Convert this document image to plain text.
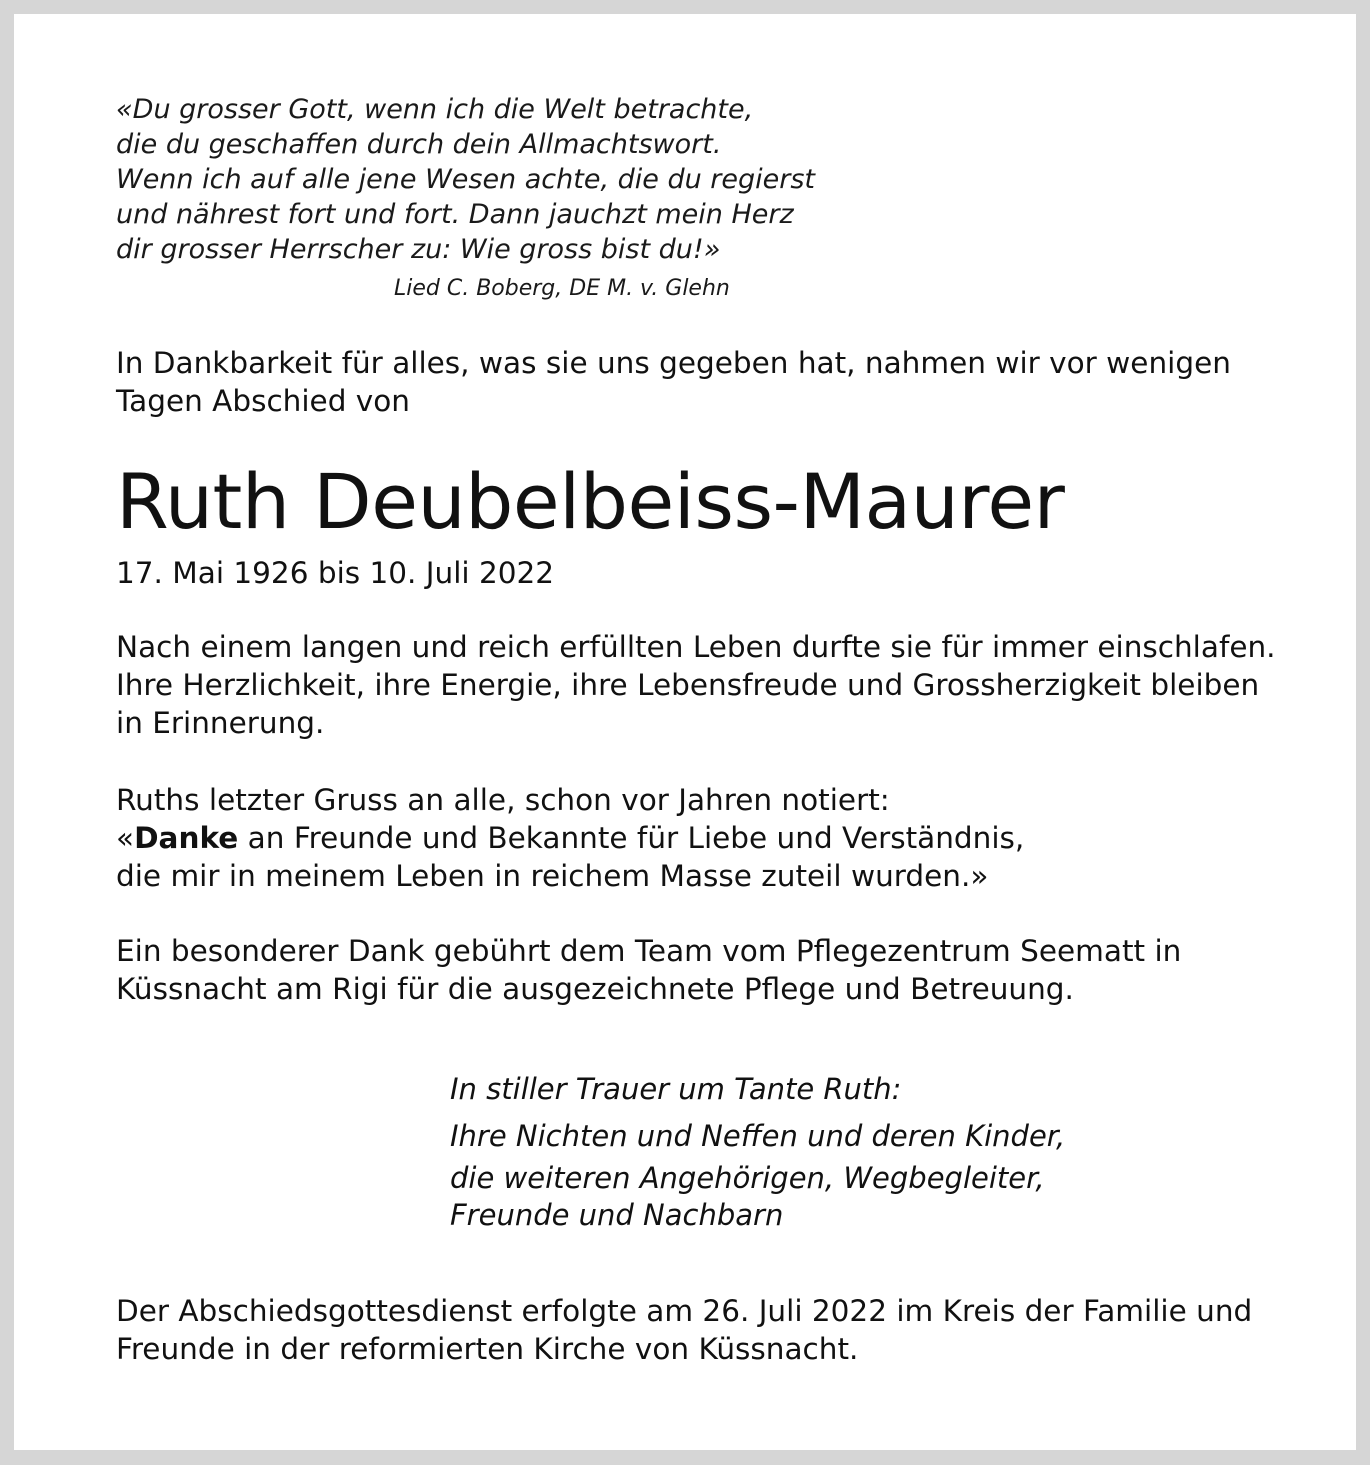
«Du grosser Gott, wenn ich die Welt betrachte,
die du geschaffen durch dein Allmachtswort.
Wenn ich auf alle jene Wesen achte, die du regierst
und nährest fort und fort. Dann jauchzt mein Herz
dir grosser Herrscher zu: Wie gross bist du!»
Lied C. Boberg, DE M. v. Glehn
In Dankbarkeit für alles, was sie uns gegeben hat, nahmen wir vor wenigen
Tagen Abschied von
Ruth Deubelbeiss-Maurer
17. Mai 1926 bis 10. Juli 2022
Nach einem langen und reich erfüllten Leben durfte sie für immer einschlafen.
Ihre Herzlichkeit, ihre Energie, ihre Lebensfreude und Grossherzigkeit bleiben
in Erinnerung.
Ruths letzter Gruss an alle, schon vor Jahren notiert:
«Danke an Freunde und Bekannte für Liebe und Verständnis,
die mir in meinem Leben in reichem Masse zuteil wurden.»
Ein besonderer Dank gebührt dem Team vom Pflegezentrum Seematt in
Küssnacht am Rigi für die ausgezeichnete Pflege und Betreuung.
In stiller Trauer um Tante Ruth:
Ihre Nichten und Neffen und deren Kinder,
die weiteren Angehörigen, Wegbegleiter,
Freunde und Nachbarn
Der Abschiedsgottesdienst erfolgte am 26. Juli 2022 im Kreis der Familie und
Freunde in der reformierten Kirche von Küssnacht.
